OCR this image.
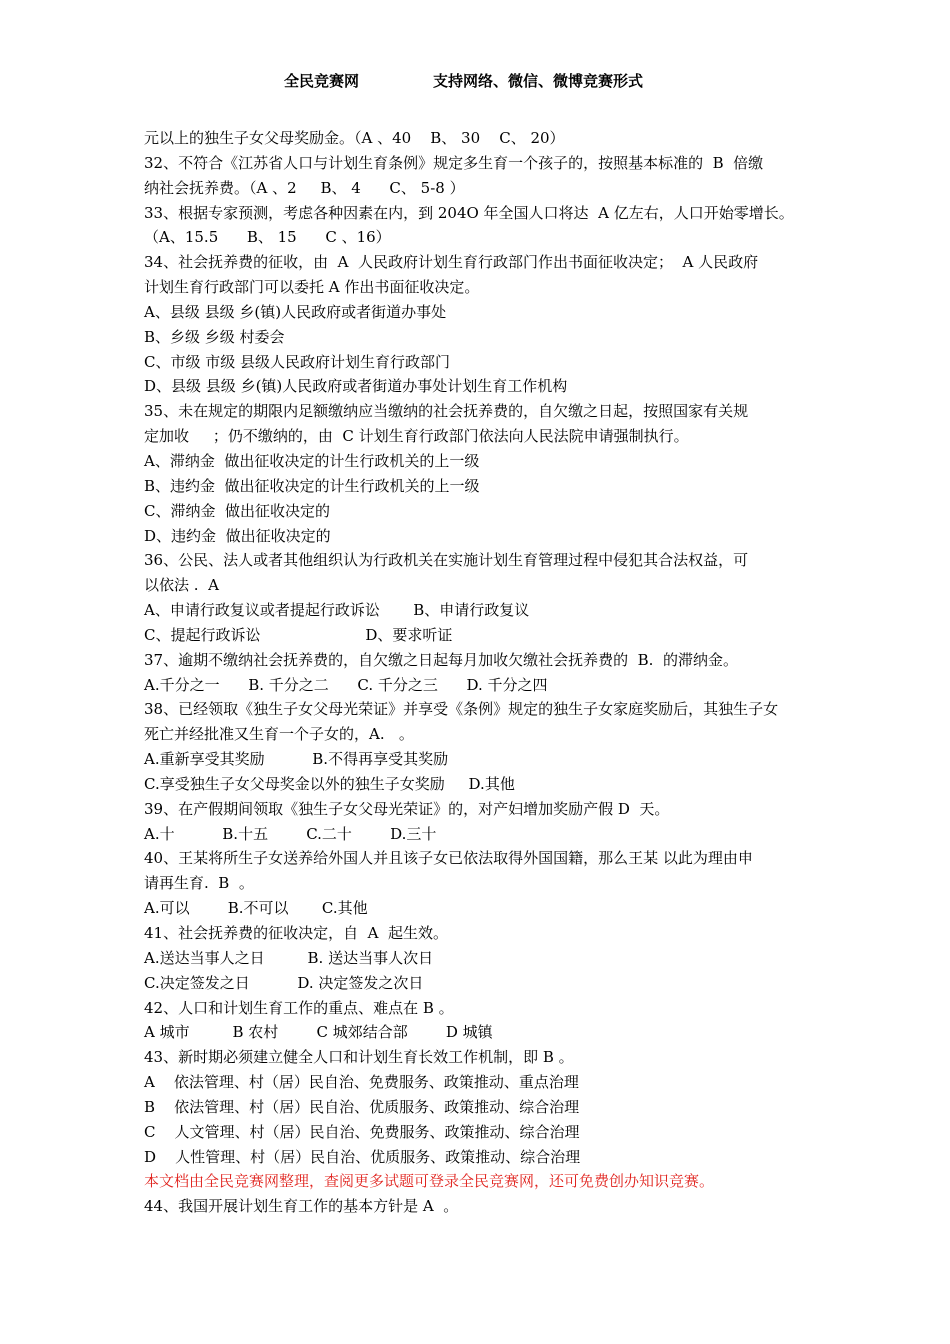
全民竞赛网	支持网络、微信、微博竞赛形式
元以上的独生子女父母奖励金。（A 、40    B、 30    C、 20）
32、不符合《江苏省人口与计划生育条例》规定多生育一个孩子的，按照基本标准的  B  倍缴
纳社会抚养费。（A 、2     B、 4      C、 5-8 ）
33、根据专家预测，考虑各种因素在内，到 204O 年全国人口将达  A 亿左右，人口开始零增长。
（A、15.5      B、 15      C 、16）
34、社会抚养费的征收，由  A  人民政府计划生育行政部门作出书面征收决定；  A 人民政府
计划生育行政部门可以委托 A 作出书面征收决定。
A、县级 县级 乡(镇)人民政府或者街道办事处
B、乡级 乡级 村委会
C、市级 市级 县级人民政府计划生育行政部门
D、县级 县级 乡(镇)人民政府或者街道办事处计划生育工作机构
35、未在规定的期限内足额缴纳应当缴纳的社会抚养费的，自欠缴之日起，按照国家有关规
定加收     ；仍不缴纳的，由  C 计划生育行政部门依法向人民法院申请强制执行。
A、滞纳金  做出征收决定的计生行政机关的上一级
B、违约金  做出征收决定的计生行政机关的上一级
C、滞纳金  做出征收决定的
D、违约金  做出征收决定的
36、公民、法人或者其他组织认为行政机关在实施计划生育管理过程中侵犯其合法权益，可
以依法 .  A
A、申请行政复议或者提起行政诉讼       B、申请行政复议
C、提起行政诉讼                      D、要求听证
37、逾期不缴纳社会抚养费的，自欠缴之日起每月加收欠缴社会抚养费的  B.  的滞纳金。
A.千分之一      B. 千分之二      C. 千分之三      D. 千分之四
38、已经领取《独生子女父母光荣证》并享受《条例》规定的独生子女家庭奖励后，其独生子女
死亡并经批准又生育一个子女的，A.   。
A.重新享受其奖励          B.不得再享受其奖励
C.享受独生子女父母奖金以外的独生子女奖励     D.其他
39、在产假期间领取《独生子女父母光荣证》的，对产妇增加奖励产假 D  天。
A.十          B.十五        C.二十        D.三十
40、王某将所生子女送养给外国人并且该子女已依法取得外国国籍，那么王某 以此为理由申
请再生育.  B  。
A.可以        B.不可以       C.其他
41、社会抚养费的征收决定，自  A  起生效。
A.送达当事人之日         B. 送达当事人次日
C.决定签发之日          D. 决定签发之次日
42、人口和计划生育工作的重点、难点在 B 。
A 城市         B 农村        C 城郊结合部        D 城镇
43、新时期必须建立健全人口和计划生育长效工作机制，即 B 。
A    依法管理、村（居）民自治、免费服务、政策推动、重点治理
B    依法管理、村（居）民自治、优质服务、政策推动、综合治理
C    人文管理、村（居）民自治、免费服务、政策推动、综合治理
D    人性管理、村（居）民自治、优质服务、政策推动、综合治理
本文档由全民竞赛网整理，查阅更多试题可登录全民竞赛网，还可免费创办知识竞赛。
44、我国开展计划生育工作的基本方针是 A  。
